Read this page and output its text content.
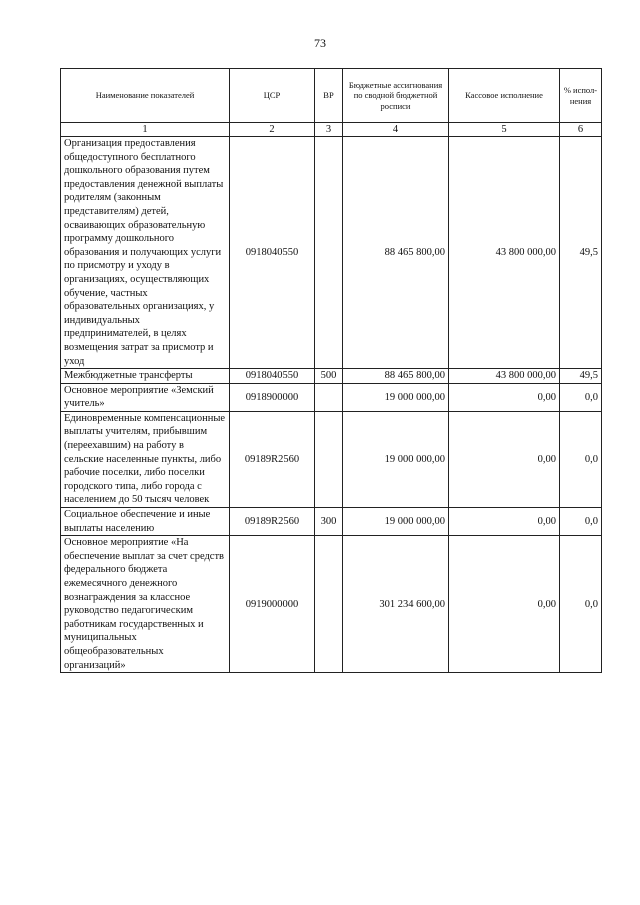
73
Наименование показателей	ЦСР	ВР	Бюджетные ассигнования по сводной бюджетной росписи	Кассовое исполнение	% испол-нения
1	2	3	4	5	6
Организация предоставления общедоступного бесплатного дошкольного образования путем предоставления денежной выплаты родителям (законным представителям) детей, осваивающих образовательную программу дошкольного образования и получающих услуги по присмотру и уходу в организациях, осуществляющих обучение, частных образовательных организациях, у индивидуальных предпринимателей, в целях возмещения затрат за присмотр и уход	0918040550		88 465 800,00	43 800 000,00	49,5
Межбюджетные трансферты	0918040550	500	88 465 800,00	43 800 000,00	49,5
Основное мероприятие «Земский учитель»	0918900000		19 000 000,00	0,00	0,0
Единовременные компенсационные выплаты учителям, прибывшим (переехавшим) на работу в сельские населенные пункты, либо рабочие поселки, либо поселки городского типа, либо города с населением до 50 тысяч человек	09189R2560		19 000 000,00	0,00	0,0
Социальное обеспечение и иные выплаты населению	09189R2560	300	19 000 000,00	0,00	0,0
Основное мероприятие «На обеспечение выплат за счет средств федерального бюджета ежемесячного денежного вознаграждения за классное руководство педагогическим работникам государственных и муниципальных общеобразовательных организаций»	0919000000		301 234 600,00	0,00	0,0
